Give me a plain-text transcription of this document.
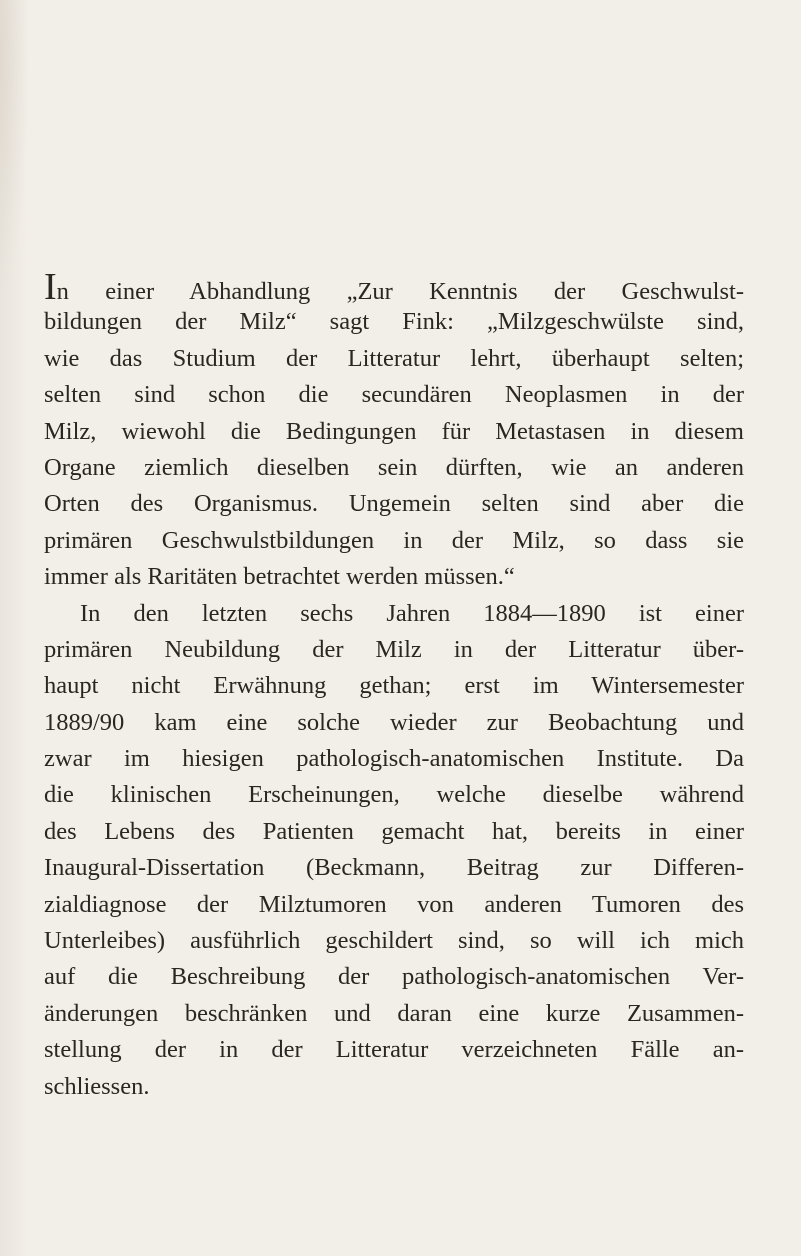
In einer Abhandlung „Zur Kenntnis der Geschwulst-
bildungen der Milz“ sagt Fink: „Milzgeschwülste sind,
wie das Studium der Litteratur lehrt, überhaupt selten;
selten sind schon die secundären Neoplasmen in der
Milz, wiewohl die Bedingungen für Metastasen in diesem
Organe ziemlich dieselben sein dürften, wie an anderen
Orten des Organismus. Ungemein selten sind aber die
primären Geschwulstbildungen in der Milz, so dass sie
immer als Raritäten betrachtet werden müssen.“
In den letzten sechs Jahren 1884—1890 ist einer
primären Neubildung der Milz in der Litteratur über-
haupt nicht Erwähnung gethan; erst im Wintersemester
1889/90 kam eine solche wieder zur Beobachtung und
zwar im hiesigen pathologisch-anatomischen Institute. Da
die klinischen Erscheinungen, welche dieselbe während
des Lebens des Patienten gemacht hat, bereits in einer
Inaugural-Dissertation (Beckmann, Beitrag zur Differen-
zialdiagnose der Milztumoren von anderen Tumoren des
Unterleibes) ausführlich geschildert sind, so will ich mich
auf die Beschreibung der pathologisch-anatomischen Ver-
änderungen beschränken und daran eine kurze Zusammen-
stellung der in der Litteratur verzeichneten Fälle an-
schliessen.
